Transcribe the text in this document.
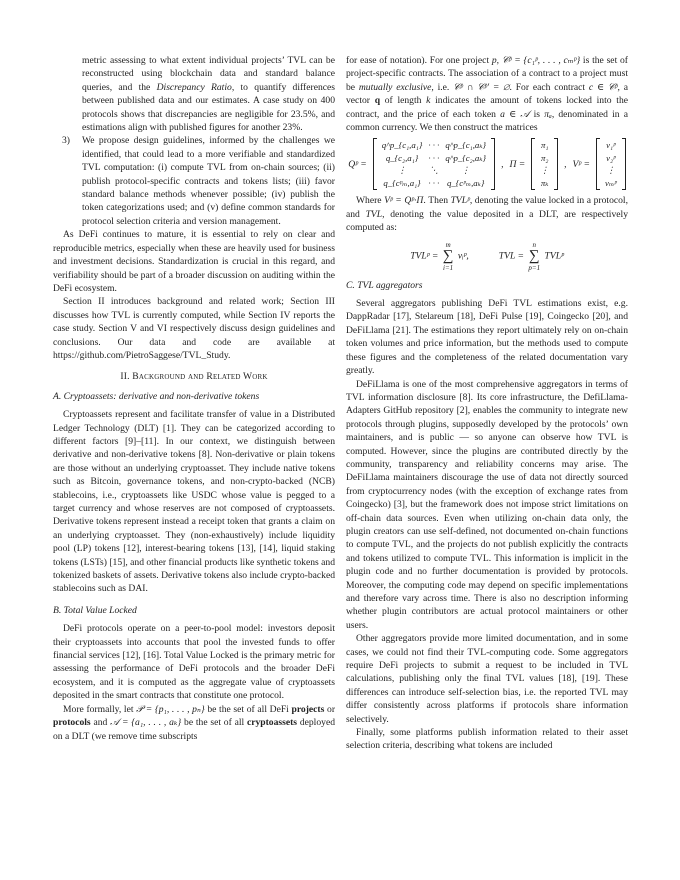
metric assessing to what extent individual projects’ TVL can be reconstructed using blockchain data and standard balance queries, and the Discrepancy Ratio, to quantify differences between published data and our estimates. A case study on 400 protocols shows that discrepancies are negligible for 23.5%, and estimations align with published figures for another 23%.

3) We propose design guidelines, informed by the challenges we identified, that could lead to a more verifiable and standardized TVL computation: (i) compute TVL from on-chain sources; (ii) publish protocol-specific contracts and tokens lists; (iii) favor standard balance methods whenever possible; (iv) publish the token categorizations used; and (v) define common standards for protocol selection criteria and version management.

As DeFi continues to mature, it is essential to rely on clear and reproducible metrics, especially when these are heavily used for business and investment decisions. Standardization is crucial in this regard, and verifiability should be part of a broader discussion on auditing within the DeFi ecosystem.

Section II introduces background and related work; Section III discusses how TVL is currently computed, while Section IV reports the case study. Section V and VI respectively discuss design guidelines and conclusions. Our data and code are available at https://github.com/PietroSaggese/TVL_Study.

II. Background and Related Work
A. Cryptoassets: derivative and non-derivative tokens

Cryptoassets represent and facilitate transfer of value in a Distributed Ledger Technology (DLT) [1]. They can be categorized according to different factors [9]–[11]. In our context, we distinguish between derivative and non-derivative tokens [8]. Non-derivative or plain tokens are those without an underlying cryptoasset. They include native tokens such as Bitcoin, governance tokens, and non-crypto-backed (NCB) stablecoins, i.e., cryptoassets like USDC whose value is pegged to a target currency and whose reserves are not composed of cryptoassets. Derivative tokens represent instead a receipt token that grants a claim on an underlying cryptoasset. They (non-exhaustively) include liquidity pool (LP) tokens [12], interest-bearing tokens [13], [14], liquid staking tokens (LSTs) [15], and other financial products like synthetic tokens and tokenized baskets of assets. Derivative tokens also include crypto-backed stablecoins such as DAI.

B. Total Value Locked

DeFi protocols operate on a peer-to-pool model: investors deposit their cryptoassets into accounts that pool the invested funds to offer financial services [12], [16]. Total Value Locked is the primary metric for assessing the performance of DeFi protocols and the broader DeFi ecosystem, and it is computed as the aggregate value of cryptoassets deposited in the smart contracts that constitute one protocol.

More formally, let 𝒫 = {p₁, . . . , pₙ} be the set of all DeFi projects or protocols and 𝒜 = {a₁, . . . , aₖ} be the set of all cryptoassets deployed on a DLT (we remove time subscripts

for ease of notation). For one project p, 𝒞ᵖ = {c₁ᵖ, . . . , cₘᵖ} is the set of project-specific contracts. The association of a contract to a project must be mutually exclusive, i.e. 𝒞ᵖ ∩ 𝒞ᵖ′ = ∅. For each contract c ∈ 𝒞ᵖ, a vector q of length k indicates the amount of tokens locked into the contract, and the price of each token a ∈ 𝒜 is πₐ, denominated in a common currency. We then construct the matrices

Qᵖ =
q^p_{c₁,a₁}	· · ·	q^p_{c₁,aₖ}
q_{c₂,a₁}	· · ·	q^p_{c₂,aₖ}
⋮	⋱	⋮
q_{cᵖₘ,a₁}	· · ·	q_{cᵖₘ,aₖ}
, Π =
π₁
π₂
⋮
πₖ
, Vᵖ =
v₁ᵖ
v₂ᵖ
⋮
vₘᵖ

Where Vᵖ = Qᵖ·Π. Then TVLᵖ, denoting the value locked in a protocol, and TVL, denoting the value deposited in a DLT, are respectively computed as:

TVLᵖ =
m
∑
i=1
vᵢᵖ,	TVL =
n
∑
p=1
TVLᵖ
C. TVL aggregators

Several aggregators publishing DeFi TVL estimations exist, e.g. DappRadar [17], Stelareum [18], DeFi Pulse [19], Coingecko [20], and DeFiLlama [21]. The estimations they report ultimately rely on on-chain token volumes and price information, but the methods used to compute these figures and the completeness of the related documentation vary greatly.

DeFiLlama is one of the most comprehensive aggregators in terms of TVL information disclosure [8]. Its core infrastructure, the DefiLlama-Adapters GitHub repository [2], enables the community to integrate new protocols through plugins, supposedly developed by the protocols’ own maintainers, and is public — so anyone can observe how TVL is computed. However, since the plugins are contributed directly by the community, transparency and reliability concerns may arise. The DeFiLlama maintainers discourage the use of data not directly sourced from cryptocurrency nodes (with the exception of exchange rates from Coingecko) [3], but the framework does not impose strict limitations on off-chain data sources. Even when utilizing on-chain data only, the plugin creators can use self-defined, not documented on-chain functions to compute TVL, and the projects do not publish explicitly the contracts and tokens utilized to compute TVL. This information is implicit in the plugin code and no further documentation is provided by protocols. Moreover, the computing code may depend on specific implementations and therefore vary across time. There is also no description informing whether plugin contributors are actual protocol maintainers or other users.

Other aggregators provide more limited documentation, and in some cases, we could not find their TVL-computing code. Some aggregators require DeFi projects to submit a request to be included in TVL calculations, publishing only the final TVL values [18], [19]. These differences can introduce self-selection bias, i.e. the reported TVL may differ consistently across platforms if protocols share information selectively.

Finally, some platforms publish information related to their asset selection criteria, describing what tokens are included
